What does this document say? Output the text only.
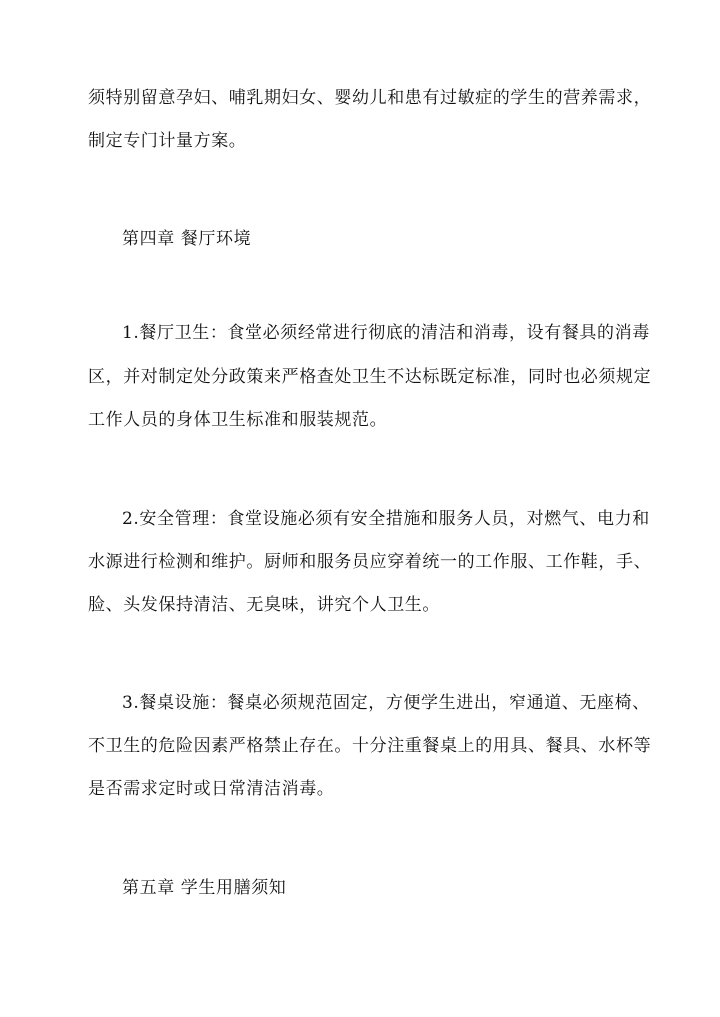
须特别留意孕妇、哺乳期妇女、婴幼儿和患有过敏症的学生的营养需求，
制定专门计量方案。
第四章 餐厅环境
1.餐厅卫生：食堂必须经常进行彻底的清洁和消毒，设有餐具的消毒
区，并对制定处分政策来严格查处卫生不达标既定标准，同时也必须规定
工作人员的身体卫生标准和服装规范。
2.安全管理：食堂设施必须有安全措施和服务人员，对燃气、电力和
水源进行检测和维护。厨师和服务员应穿着统一的工作服、工作鞋，手、
脸、头发保持清洁、无臭味，讲究个人卫生。
3.餐桌设施：餐桌必须规范固定，方便学生进出，窄通道、无座椅、
不卫生的危险因素严格禁止存在。十分注重餐桌上的用具、餐具、水杯等
是否需求定时或日常清洁消毒。
第五章 学生用膳须知
